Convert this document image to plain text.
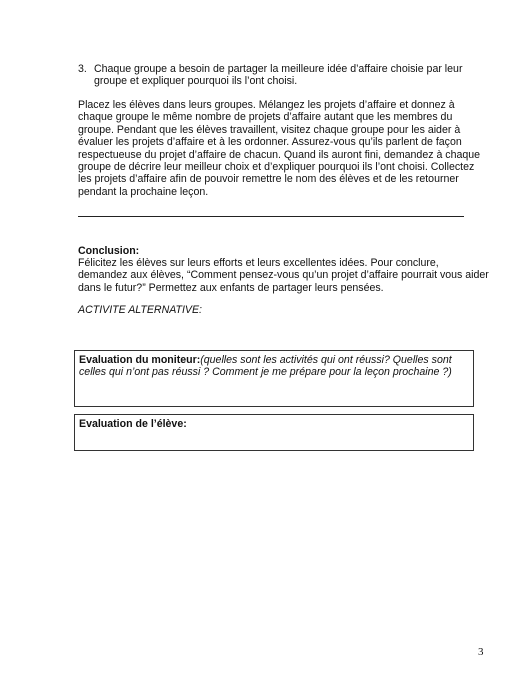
3. Chaque groupe a besoin de partager la meilleure idée d’affaire choisie par leur groupe et expliquer pourquoi ils l’ont choisi.

Placez les élèves dans leurs groupes. Mélangez les projets d’affaire et donnez à chaque groupe le même nombre de projets d’affaire autant que les membres du groupe. Pendant que les élèves travaillent, visitez chaque groupe pour les aider à évaluer les projets d’affaire et à les ordonner. Assurez-vous qu’ils parlent de façon respectueuse du projet d’affaire de chacun. Quand ils auront fini, demandez à chaque groupe de décrire leur meilleur choix et d’expliquer pourquoi ils l’ont choisi. Collectez les projets d’affaire afin de pouvoir remettre le nom des élèves et de les retourner pendant la prochaine leçon.

Conclusion:

Félicitez les élèves sur leurs efforts et leurs excellentes idées. Pour conclure, demandez aux élèves, “Comment pensez-vous qu’un projet d’affaire pourrait vous aider dans le futur?” Permettez aux enfants de partager leurs pensées.

ACTIVITE ALTERNATIVE:
Evaluation du moniteur:(quelles sont les activités qui ont réussi? Quelles sont celles qui n’ont pas réussi ? Comment je me prépare pour la leçon prochaine ?)
Evaluation de l’élève:
3
